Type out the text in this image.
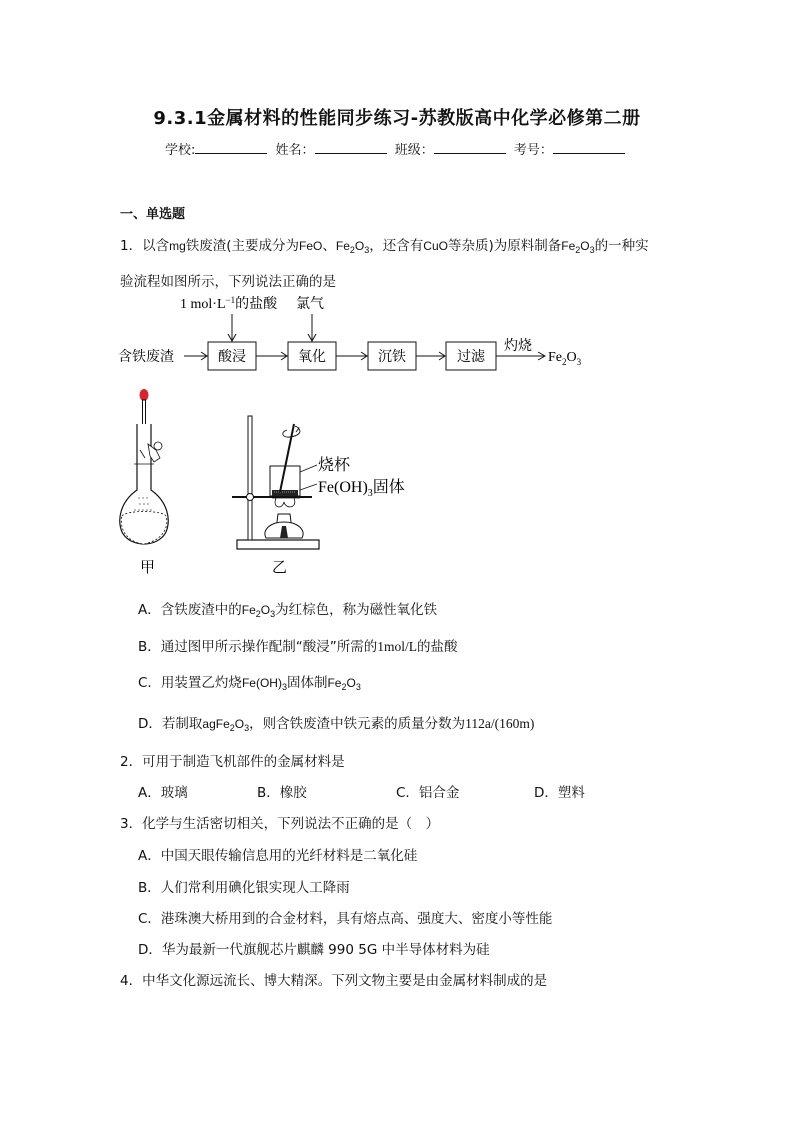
9.3.1金属材料的性能同步练习-苏教版高中化学必修第二册
学校:	姓名：	班级：	考号：
一、单选题
1．以含mg铁废渣(主要成分为FeO、$Fe_2O_3$，还含有CuO等杂质)为原料制备$Fe_2O_3$的一种实
验流程如图所示，下列说法正确的是
1 $mol\cdot L^{-1}$的盐酸 氯气
含铁废渣	酸浸	氧化	沉铁	过滤
灼烧
$Fe_2O_3$
甲	乙
烧杯
$Fe(OH)_3$固体
A．含铁废渣中的$Fe_2O_3$为红棕色，称为磁性氧化铁
B．通过图甲所示操作配制“酸浸”所需的1mol/L的盐酸
C．用装置乙灼烧$Fe(OH)_3$固体制$Fe_2O_3$
D．若制取$agFe_2O_3$，则含铁废渣中铁元素的质量分数为112a/(160m)
2．可用于制造飞机部件的金属材料是
A．玻璃	B．橡胶	C．铝合金	D．塑料
3．化学与生活密切相关，下列说法不正确的是（　）
A．中国天眼传输信息用的光纤材料是二氧化硅
B．人们常利用碘化银实现人工降雨
C．港珠澳大桥用到的合金材料，具有熔点高、强度大、密度小等性能
D．华为最新一代旗舰芯片麒麟 990 5G 中半导体材料为硅
4．中华文化源远流长、博大精深。下列文物主要是由金属材料制成的是
